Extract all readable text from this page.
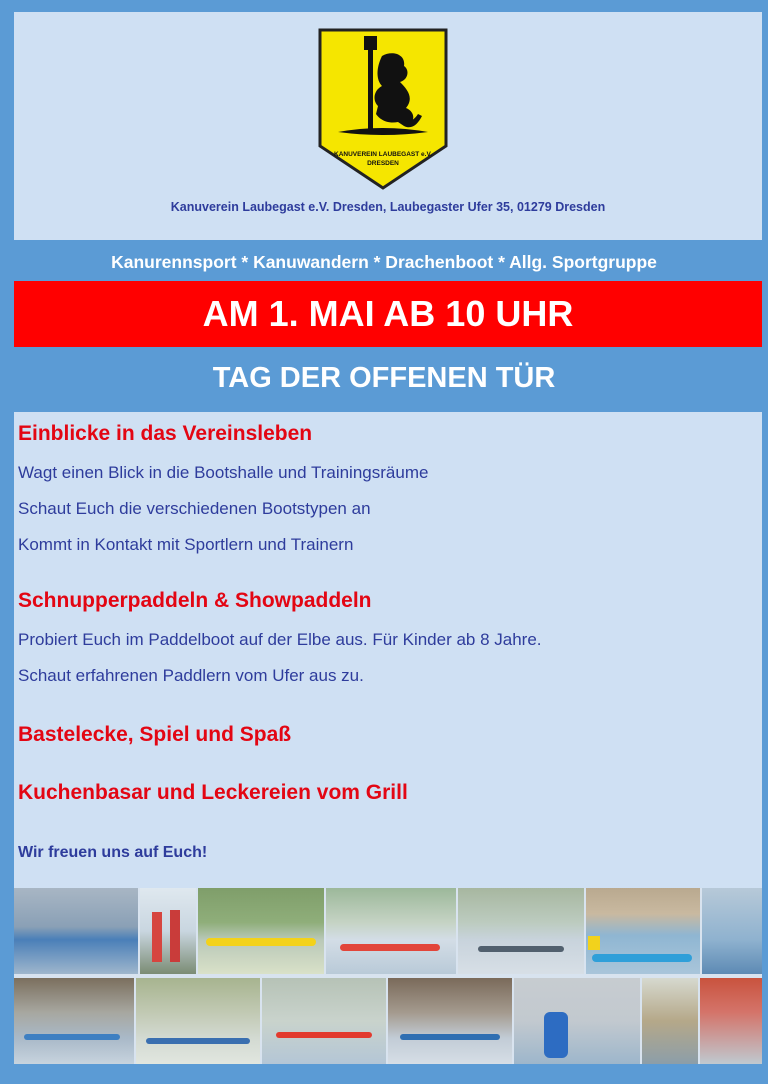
KANUVEREIN LAUBEGAST e.V.
DRESDEN
Kanuverein Laubegast e.V. Dresden, Laubegaster Ufer 35, 01279 Dresden
Kanurennsport * Kanuwandern * Drachenboot * Allg. Sportgruppe
AM 1. MAI AB 10 UHR
TAG DER OFFENEN TÜR
Einblicke in das Vereinsleben
Wagt einen Blick in die Bootshalle und Trainingsräume
Schaut Euch die verschiedenen Bootstypen an
Kommt in Kontakt mit Sportlern und Trainern
Schnupperpaddeln & Showpaddeln
Probiert Euch im Paddelboot auf der Elbe aus. Für Kinder ab 8 Jahre.
Schaut erfahrenen Paddlern vom Ufer aus zu.
Bastelecke, Spiel und Spaß
Kuchenbasar und Leckereien vom Grill
Wir freuen uns auf Euch!
